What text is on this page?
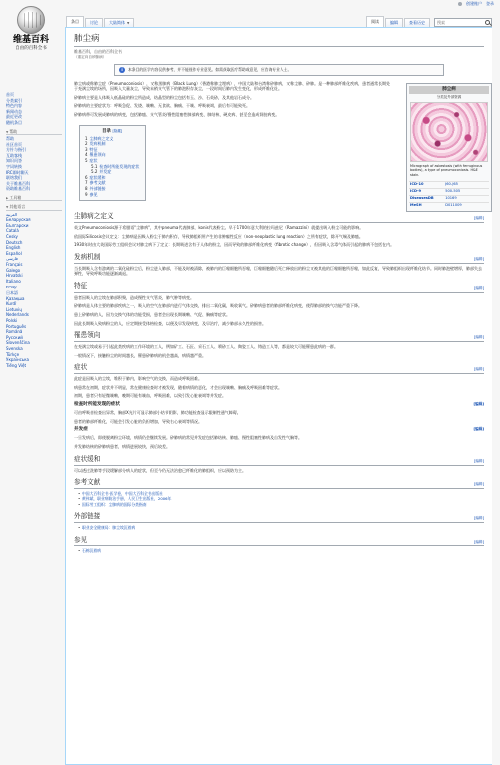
创建账户 登录
维基百科
自由的百科全书
条目	讨论	大陆简体 ▼	阅读	编辑	查看历史
搜索
首页
分类索引
特色内容
新闻动态
最近更改
随机条目
▼帮助
帮助
社区首页
方针与指引
互助客栈
知识问答
字词转换
IRC即时聊天
联络我们
关于维基百科
资助维基百科
▶工具箱
▼其他语言
العربية
Беларуская
Български
Català
Česky
Deutsch
English
Español
فارسی
Français
Galego
Hrvatski
Italiano
עברית
日本語
Қазақша
Kurdî
Lietuvių
Nederlands
Polski
Português
Română
Русский
Slovenščina
Svenska
Türkçe
Українська
Tiếng Việt
肺尘病
维基百科，自由的百科全书
（重定向自矽肺病）
i	本条目的医学内容仅供参考，并不能视作专业意见。如需获取医疗帮助或意见，应咨询专业人士。

肺尘病或称肺尘症（Pneumoconiosis），又称黑肺病（Black Lung）（香港称肺尘埋病），中国大陆和台湾称矽肺病，又称尘肺、矽肺。是一种肺部纤维化疾病，患者通常长期处于充满尘埃的场所，因吸入大量灰尘，导致末梢支气管下的肺泡积存灰尘，一段时间后肺内发生变化，形成纤维化灶。

矽肺病主要是人体吸入低晶硅的粉尘所造成，结晶型的粉尘包括有玉、沙、石英砂，及其他岩石成分。

矽肺病的主要症状为：呼吸急促、发烧、咳嗽、无食欲、胸痛、干咳、呼吸衰竭，最后有可能致死。

矽肺病带可发展成肺病的病变，包括肺癌、支气管炎/慢性阻塞性肺部病变、肺结核、硬皮病、甚至会造成肾脏病变。

目录 [隐藏]
1 尘肺病之定义
2 发病机制
3 特征
4 罹患领向
5 症状
5.1 检查时所能发现的症状
5.2 并发症
6 症状缓和
7 参考文献
8 外部链接
9 参见
尘肺病之定义	[编辑]

英文Pneumoconiosis源于希腊语"尘肺病"，其中pneuma代表肺部，konis代表粉尘。早于1700年意大利的拉玛兹尼（Ramazzini）就提出吸入粉尘可能的影响。

依国际Silicosis会议定义：尘肺病是因吸入粉尘于肺内积存，导致肺组织所产生的非肿瘤性反应（non-neoplastic lung reaction）之所有症状，除开气喘及肺癌。

1930年时由大英国际劳工组织会议对肺尘病下了定义：长期吸进含有于人体的粉尘，因而导致的肺部纤维化病变（fibrotic change），但因吸入含毒气体而引起的肺病不包括在内。

发病机制	[编辑]

当长期吸入含有游离的二氧化硅粉尘后，粉尘进入肺部，不能及时被清除，被肺内的巨噬细胞所吞噬，巨噬细胞随后死亡释放出的粉尘又被其他的巨噬细胞所吞噬，如此反复，导致肺组织出现纤维化结节。同时肺泡壁增厚，肺部失去弹性，导致呼吸功能逐渐减退。

特征	[编辑]

患者因吸入的尘埃在肺部积聚，造成慢性支气管炎，肺气肿等病变。

矽肺病是人体主要的肺部疾病之一，吸入的空气在肺部内进行气体交换，排出二氧化碳，吸收氧气。矽肺病患者的肺部纤维化病变，使得肺部的换气功能严重下降。

患上矽肺病的人，因为交换气体的功能受损，患者会出现长期咳嗽、气促、胸痛等症状。

因此长期吸入致病粉尘的人，应定期接受体格检查，以便及早发现病变，及早治疗，减少肺部永久性的损害。

罹患领向	[编辑]

在充满尘埃或易于引起此类疾病的工作环境的工人，例如矿工、石匠、采石工人、喷砂工人、陶瓷工人、铸造工人等，都是较大可能罹患此病的一群。

一般情况下，接触粉尘的时间越长，罹患矽肺病的机会越高，病情越严重。

症状	[编辑]

此症是因吸入的尘埃，堆积于肺内，影响空气的交换，而造成呼吸困难。

病患常在初期，症状并不明显，常在健康检查时才被发现，随着病情的恶化，才会出现咳嗽、胸痛及呼吸困难等症状。

初期，患者只有轻微咳嗽，晚期可能有咳血，呼吸困难，以致引发心脏衰竭等并发症。

检查时所能发现的症状	[编辑]

可由呼吸音检查出异常，胸部X光片可显示肺部小结节阴影，肺功能检查显示限制性通气障碍。

患者的肺部纤维化，可能会引发心脏的负担增加，导致右心衰竭等情况。

并发症	[编辑]

一旦发病后，即使脱离粉尘环境，病情仍会继续发展。矽肺病的常见并发症包括肺结核、肺癌、慢性阻塞性肺病及自发性气胸等。

并发肺结核的矽肺病患者，病情进展较快，预后较差。

症状缓和	[编辑]

可以透过洗肺等手段缓解部分病人的症状，但至今仍无法治愈已纤维化的肺组织，应以预防为主。

参考文献	[编辑]
• 中国大百科全书·医学卷，中国大百科全书出版社
• 黄伟斌，职业病防治手册，人民卫生出版社，2006年
• 国际劳工组织：尘肺病的国际分类指南
外部链接	[编辑]
• 职业安全健康局：肺尘埃沉着病
参见	[编辑]
• 石棉沉着病
肺尘病
分类及外部资源
Micrograph of asbestosis (with ferruginous bodies), a type of pneumoconiosis. H&E stain.
ICD-10	J60-J65
ICD-9	500-505
DiseasesDB	10169
MeSH	D011009
